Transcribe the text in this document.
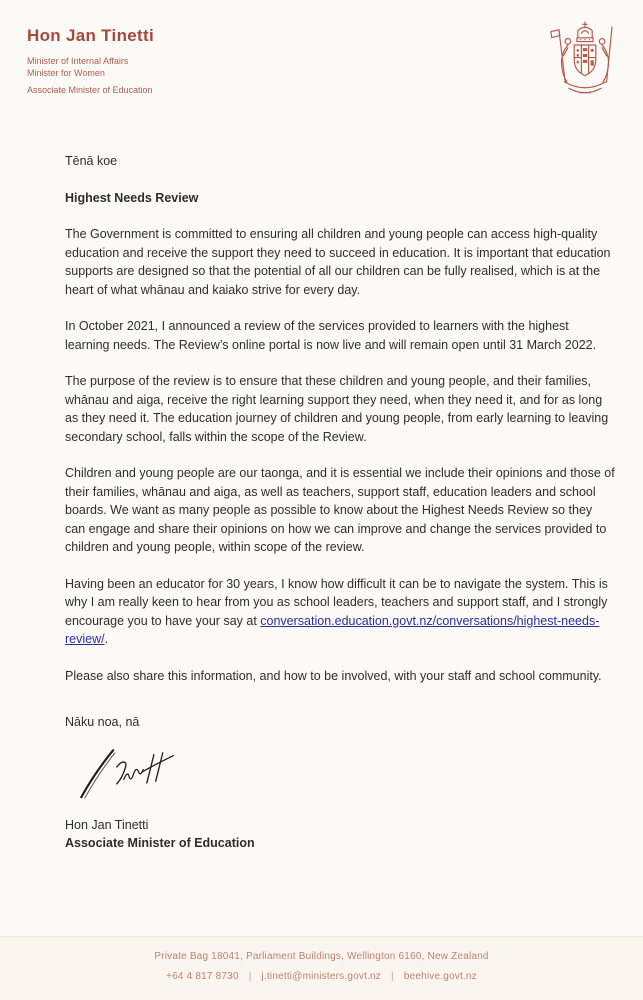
Hon Jan Tinetti
Minister of Internal Affairs
Minister for Women
Associate Minister of Education
Tēnā koe
Highest Needs Review

The Government is committed to ensuring all children and young people can access high-quality education and receive the support they need to succeed in education. It is important that education supports are designed so that the potential of all our children can be fully realised, which is at the heart of what whānau and kaiako strive for every day.

In October 2021, I announced a review of the services provided to learners with the highest learning needs. The Review’s online portal is now live and will remain open until 31 March 2022.

The purpose of the review is to ensure that these children and young people, and their families, whānau and aiga, receive the right learning support they need, when they need it, and for as long as they need it. The education journey of children and young people, from early learning to leaving secondary school, falls within the scope of the Review.

Children and young people are our taonga, and it is essential we include their opinions and those of their families, whānau and aiga, as well as teachers, support staff, education leaders and school boards. We want as many people as possible to know about the Highest Needs Review so they can engage and share their opinions on how we can improve and change the services provided to children and young people, within scope of the review.

Having been an educator for 30 years, I know how difficult it can be to navigate the system. This is why I am really keen to hear from you as school leaders, teachers and support staff, and I strongly encourage you to have your say at conversation.education.govt.nz/conversations/highest-needs-review/.

Please also share this information, and how to be involved, with your staff and school community.

Nāku noa, nā
Hon Jan Tinetti
Associate Minister of Education
Private Bag 18041, Parliament Buildings, Wellington 6160, New Zealand
+64 4 817 8730 | j.tinetti@ministers.govt.nz | beehive.govt.nz
